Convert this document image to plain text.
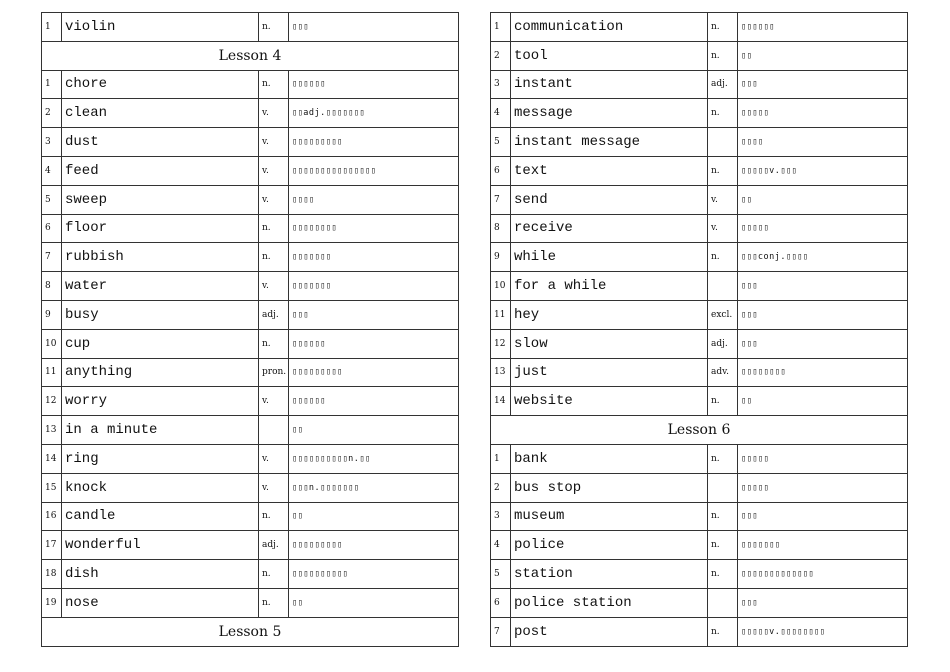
1	violin	n.	▯▯▯
Lesson 4			
1	chore	n.	▯▯▯▯▯▯
2	clean	v.	▯▯adj.▯▯▯▯▯▯▯
3	dust	v.	▯▯▯▯▯▯▯▯▯
4	feed	v.	▯▯▯▯▯▯▯▯▯▯▯▯▯▯▯
5	sweep	v.	▯▯▯▯
6	floor	n.	▯▯▯▯▯▯▯▯
7	rubbish	n.	▯▯▯▯▯▯▯
8	water	v.	▯▯▯▯▯▯▯
9	busy	adj.	▯▯▯
10	cup	n.	▯▯▯▯▯▯
11	anything	pron.	▯▯▯▯▯▯▯▯▯
12	worry	v.	▯▯▯▯▯▯
13	in a minute		▯▯
14	ring	v.	▯▯▯▯▯▯▯▯▯▯n.▯▯
15	knock	v.	▯▯▯n.▯▯▯▯▯▯▯
16	candle	n.	▯▯
17	wonderful	adj.	▯▯▯▯▯▯▯▯▯
18	dish	n.	▯▯▯▯▯▯▯▯▯▯
19	nose	n.	▯▯
Lesson 5			
1	communication	n.	▯▯▯▯▯▯
2	tool	n.	▯▯
3	instant	adj.	▯▯▯
4	message	n.	▯▯▯▯▯
5	instant message		▯▯▯▯
6	text	n.	▯▯▯▯▯v.▯▯▯
7	send	v.	▯▯
8	receive	v.	▯▯▯▯▯
9	while	n.	▯▯▯conj.▯▯▯▯
10	for a while		▯▯▯
11	hey	excl.	▯▯▯
12	slow	adj.	▯▯▯
13	just	adv.	▯▯▯▯▯▯▯▯
14	website	n.	▯▯
Lesson 6			
1	bank	n.	▯▯▯▯▯
2	bus stop		▯▯▯▯▯
3	museum	n.	▯▯▯
4	police	n.	▯▯▯▯▯▯▯
5	station	n.	▯▯▯▯▯▯▯▯▯▯▯▯▯
6	police station		▯▯▯
7	post	n.	▯▯▯▯▯v.▯▯▯▯▯▯▯▯
